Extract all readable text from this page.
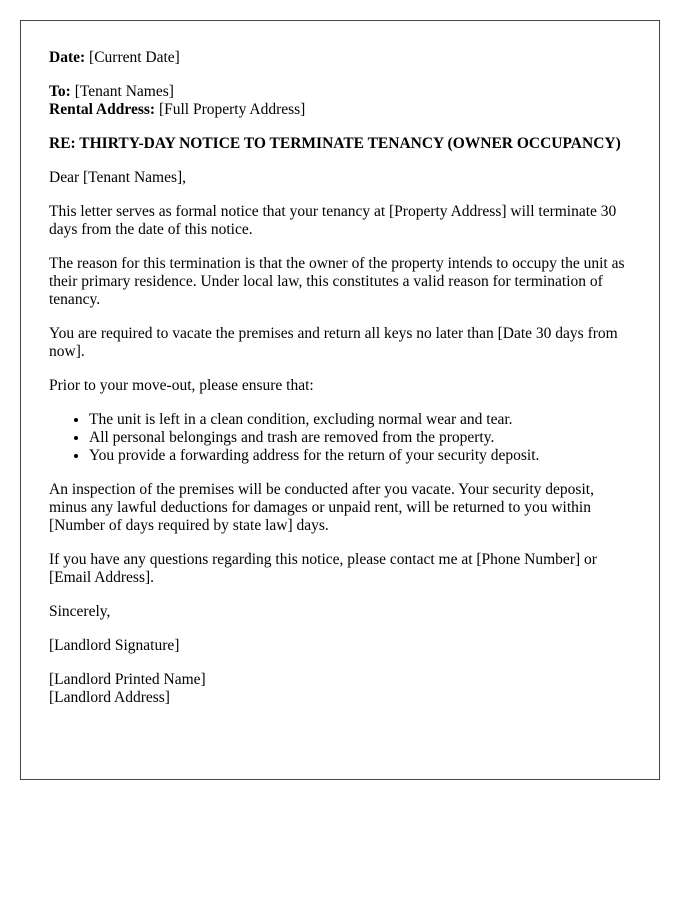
Date: [Current Date]

To: [Tenant Names]

Rental Address: [Full Property Address]

RE: THIRTY-DAY NOTICE TO TERMINATE TENANCY (OWNER OCCUPANCY)

Dear [Tenant Names],

This letter serves as formal notice that your tenancy at [Property Address] will terminate 30 days from the date of this notice.

The reason for this termination is that the owner of the property intends to occupy the unit as their primary residence. Under local law, this constitutes a valid reason for termination of tenancy.

You are required to vacate the premises and return all keys no later than [Date 30 days from now].

Prior to your move-out, please ensure that:

• The unit is left in a clean condition, excluding normal wear and tear.
• All personal belongings and trash are removed from the property.
• You provide a forwarding address for the return of your security deposit.

An inspection of the premises will be conducted after you vacate. Your security deposit, minus any lawful deductions for damages or unpaid rent, will be returned to you within [Number of days required by state law] days.

If you have any questions regarding this notice, please contact me at [Phone Number] or [Email Address].

Sincerely,

[Landlord Signature]

[Landlord Printed Name]

[Landlord Address]
